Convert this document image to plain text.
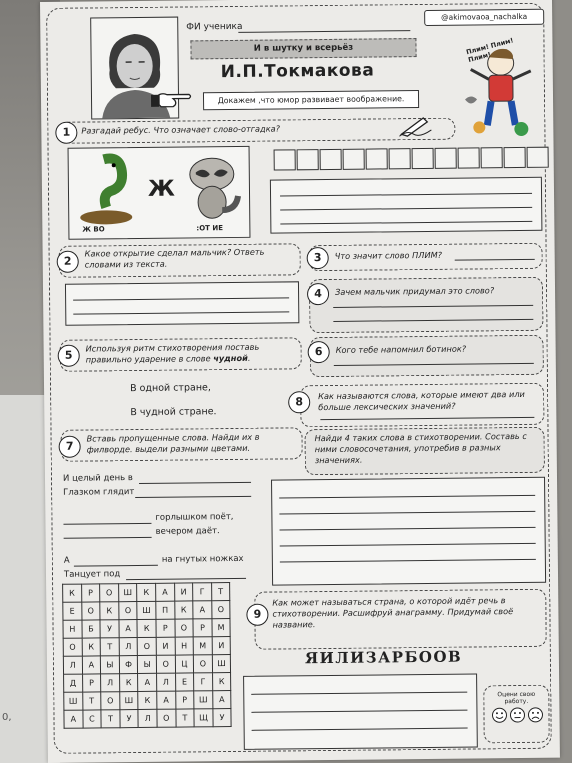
0,
ФИ ученика
@akimovaoa_nachalka
И в шутку и всерьёз
И.П.Токмакова
Докажем ,что юмор развивает воображение.
Плим! Плим! Плим!
1	Разгадай ребус. Что означает слово-отгадка?
Ж
Ж ВО	:ОТ ИЕ
2
Какое открытие сделал мальчик? Ответь словами из текста.	3	Что значит слово ПЛИМ?
4	Зачем мальчик придумал это слово?
5
Используя ритм стихотворения поставь правильно ударение в слове чудной.	6	Кого тебе напомнил ботинок?
В одной стране,
В чудной стране.
7
Вставь пропущенные слова. Найди их в филворде. выдели разными цветами.
8
Как называются слова, которые имеют два или больше лексических значений?
Найди 4 таких слова в стихотворении. Составь с ними словосочетания, употребив в разных значениях.
И целый день в
Глазком глядит
горлышком поёт,
вечером даёт.
А	на гнутых ножках
Танцует под
К	Р	О	Ш	К	А	И	Г	Т
Е	О	К	О	Ш	П	К	А	О
Н	Б	У	А	К	Р	О	Р	М
О	К	Т	Л	О	И	Н	М	И
Л	А	Ы	Ф	Ы	О	Ц	О	Ш
Д	Р	Л	К	А	Л	Е	Г	К
Ш	Т	О	Ш	К	А	Р	Ш	А
А	С	Т	У	Л	О	Т	Щ	У
9
Как может называться страна, о которой идёт речь в стихотворении. Расшифруй анаграмму. Придумай своё название.
ЯИЛИЗАРБООВ
Оцени свою работу.
